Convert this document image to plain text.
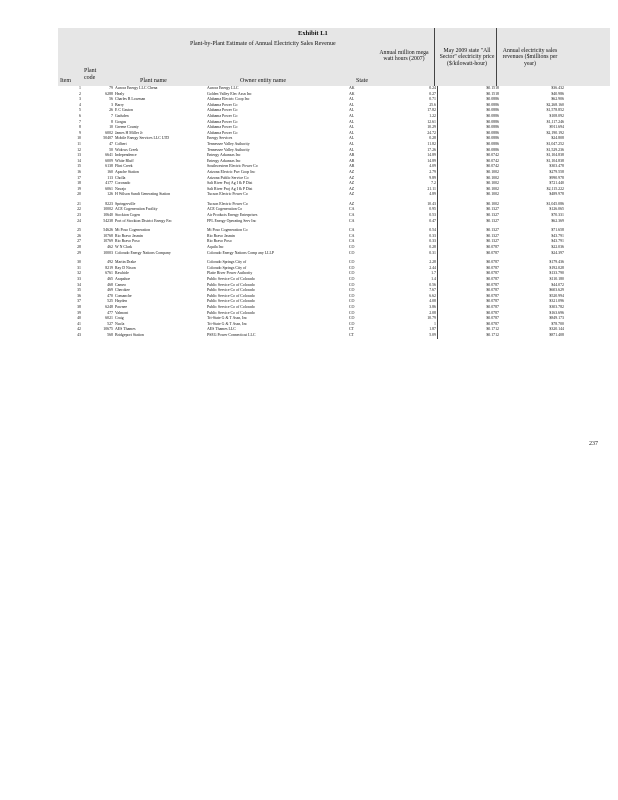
Exhibit L1
Plant-by-Plant Estimate of Annual Electricity Sales Revenue
Item
Plant code
Plant name	Owner entity name	State
Annual million mega watt hours (2007)
May 2009 state "All Sector" electricity price ($/kilowatt-hour)
Annual electricity sales revenues ($millions per year)
1	79	Aurora Energy LLC Chena	Aurora Energy LLC	AK	0.24	$0.1518	$36.432	
2	6288	Healy	Golden Valley Elec Assn Inc	AK	0.27	$0.1518	$40.986	
3	56	Charles R Lowman	Alabama Electric Coop Inc	AL	0.71	$0.0886	$62.906	
4	3	Barry	Alabama Power Co	AL	25.6	$0.0886	$2,268.160	
5	26	E C Gaston	Alabama Power Co	AL	17.82	$0.0886	$1,578.852	
6	7	Gadsden	Alabama Power Co	AL	1.22	$0.0886	$108.092	
7	8	Gorgas	Alabama Power Co	AL	12.61	$0.0886	$1,117.246	
8	10	Greene County	Alabama Power Co	AL	10.29	$0.0886	$911.694	
9	6002	James H Miller Jr	Alabama Power Co	AL	24.72	$0.0886	$2,190.192	
10	50407	Mobile Energy Services LLC LTD	Energy Services	AL	0.28	$0.0886	$24.808	
11	47	Colbert	Tennessee Valley Authority	AL	11.82	$0.0886	$1,047.252	
12	50	Widows Creek	Tennessee Valley Authority	AL	17.26	$0.0886	$1,529.236	
13	6641	Independence	Entergy Arkansas Inc	AR	14.89	$0.0742	$1,104.838	
14	6009	White Bluff	Entergy Arkansas Inc	AR	14.89	$0.0742	$1,104.838	
15	6138	Flint Creek	Southwestern Electric Power Co	AR	4.09	$0.0742	$303.478	
16	160	Apache Station	Arizona Electric Pwr Coop Inc	AZ	2.79	$0.1002	$279.558	
17	113	Cholla	Arizona Public Service Co	AZ	9.89	$0.1002	$990.978	
18	4177	Coronado	Salt River Proj Ag I & P Dist	AZ	7.2	$0.1002	$721.440	
19	6061	Navajo	Salt River Proj Ag I & P Dist	AZ	21.11	$0.1002	$2,115.222	
20	126	H Wilson Sundt Generating Station	Tucson Electric Power Co	AZ	4.89	$0.1002	$489.978	
21	8223	Springerville	Tucson Electric Power Co	AZ	10.43	$0.1002	$1,045.086	
22	10002	ACE Cogeneration Facility	ACE Cogeneration Co	CA	0.95	$0.1327	$126.065	
23	10640	Stockton Cogen	Air Products Energy Enterprises	CA	0.53	$0.1327	$70.331	
24	54238	Port of Stockton District Energy Fac	FPL Energy Operating Serv Inc	CA	0.47	$0.1327	$62.369	
25	54626	Mt Poso Cogeneration	Mt Poso Cogeneration Co	CA	0.54	$0.1327	$71.658	
26	10768	Rio Bravo Jasmin	Rio Bravo Jasmin	CA	0.33	$0.1327	$43.791	
27	10769	Rio Bravo Poso	Rio Bravo Poso	CA	0.33	$0.1327	$43.791	
28	462	W N Clark	Aquila Inc	CO	0.28	$0.0787	$22.036	
29	10003	Colorado Energy Nations Company	Colorado Energy Nations Comp any LLLP	CO	0.31	$0.0787	$24.397	
30	492	Martin Drake	Colorado Springs City of	CO	2.28	$0.0787	$179.436	
31	8219	Ray D Nixon	Colorado Springs City of	CO	2.44	$0.0787	$192.028	
32	6761	Rawhide	Platte River Power Authority	CO	1.7	$0.0787	$133.790	
33	465	Arapahoe	Public Service Co of Colorado	CO	1.4	$0.0787	$110.180	
34	468	Cameo	Public Service Co of Colorado	CO	0.56	$0.0787	$44.072	
35	469	Cherokee	Public Service Co of Colorado	CO	7.67	$0.0787	$603.629	
36	470	Comanche	Public Service Co of Colorado	CO	6.62	$0.0787	$520.994	
37	525	Hayden	Public Service Co of Colorado	CO	4.08	$0.0787	$321.096	
38	6248	Pawnee	Public Service Co of Colorado	CO	3.86	$0.0787	$303.782	
39	477	Valmont	Public Service Co of Colorado	CO	2.08	$0.0787	$163.696	
40	6021	Craig	Tri-State G & T Assn, Inc	CO	10.79	$0.0787	$849.173	
41	527	Nucla	Tri-State G & T Assn, Inc	CO	1	$0.0787	$78.700	
42	10675	AES Thames	AES Thames LLC	CT	1.87	$0.1712	$320.144	
43	568	Bridgeport Station	PSEG Power Connecticut LLC	CT	5.09	$0.1712	$871.408	
237
